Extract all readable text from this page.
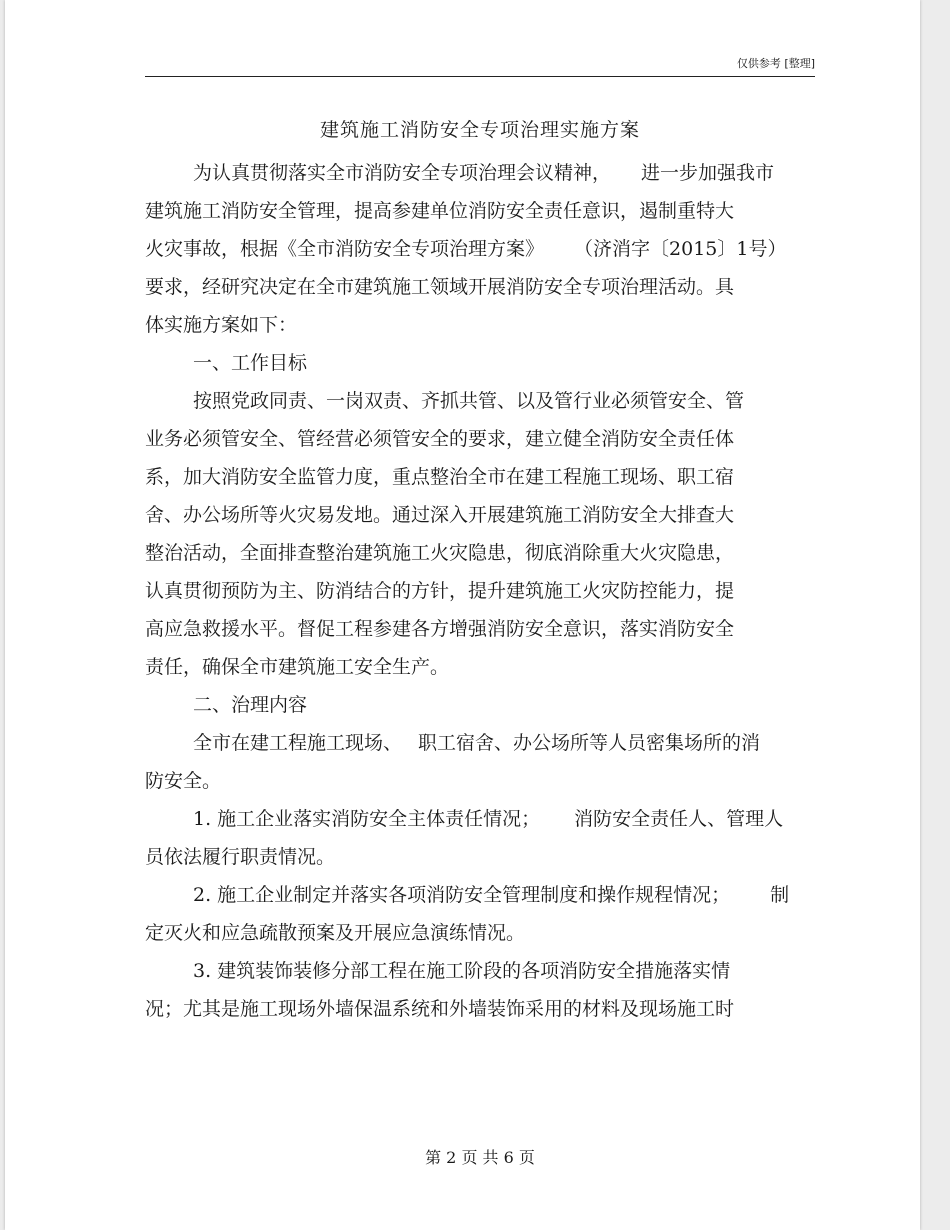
仅供参考 [整理]
建筑施工消防安全专项治理实施方案
为认真贯彻落实全市消防安全专项治理会议精神， 进一步加强我市
建筑施工消防安全管理，提高参建单位消防安全责任意识，遏制重特大
火灾事故，根据《全市消防安全专项治理方案》 （济消字〔2015〕1号）
要求，经研究决定在全市建筑施工领域开展消防安全专项治理活动。具
体实施方案如下：
一、工作目标
按照党政同责、一岗双责、齐抓共管、以及管行业必须管安全、管
业务必须管安全、管经营必须管安全的要求，建立健全消防安全责任体
系，加大消防安全监管力度，重点整治全市在建工程施工现场、职工宿
舍、办公场所等火灾易发地。通过深入开展建筑施工消防安全大排查大
整治活动，全面排查整治建筑施工火灾隐患，彻底消除重大火灾隐患，
认真贯彻预防为主、防消结合的方针，提升建筑施工火灾防控能力，提
高应急救援水平。督促工程参建各方增强消防安全意识，落实消防安全
责任，确保全市建筑施工安全生产。
二、治理内容
全市在建工程施工现场、 职工宿舍、办公场所等人员密集场所的消
防安全。
1. 施工企业落实消防安全主体责任情况； 消防安全责任人、管理人
员依法履行职责情况。
2. 施工企业制定并落实各项消防安全管理制度和操作规程情况； 制
定灭火和应急疏散预案及开展应急演练情况。
3. 建筑装饰装修分部工程在施工阶段的各项消防安全措施落实情
况；尤其是施工现场外墙保温系统和外墙装饰采用的材料及现场施工时
第 2 页 共 6 页
